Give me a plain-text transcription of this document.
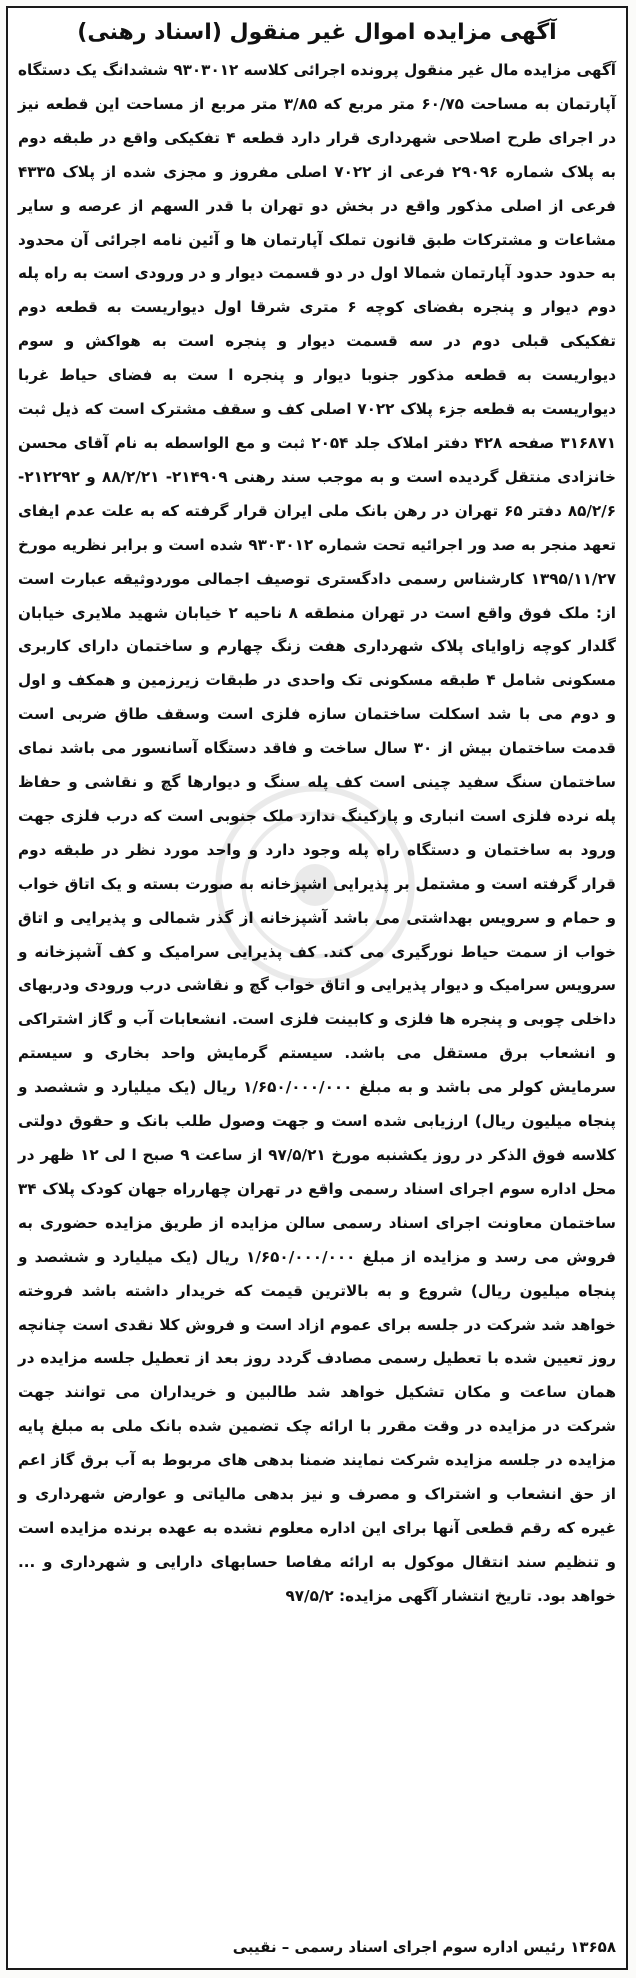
آگهی مزایده اموال غیر منقول (اسناد رهنی)

آگهی مزایده مال غیر منقول پرونده اجرائی کلاسه ۹۳۰۳۰۱۲ ششدانگ یک دستگاه آپارتمان به مساحت ۶۰/۷۵ متر مربع که ۳/۸۵ متر مربع از مساحت این قطعه نیز در اجرای طرح اصلاحی شهرداری قرار دارد قطعه ۴ تفکیکی واقع در طبقه دوم به پلاک شماره ۲۹۰۹۶ فرعی از ۷۰۲۲ اصلی مفروز و مجزی شده از پلاک ۴۳۳۵ فرعی از اصلی مذکور واقع در بخش دو تهران با قدر السهم از عرصه و سایر مشاعات و مشترکات طبق قانون تملک آپارتمان ها و آئین نامه اجرائی آن محدود به حدود حدود آپارتمان شمالا اول در دو قسمت دیوار و در ورودی است به راه پله دوم دیوار و پنجره بفضای کوچه ۶ متری شرقا اول دیواریست به قطعه دوم تفکیکی قبلی دوم در سه قسمت دیوار و پنجره است به هواکش و سوم دیواریست به قطعه مذکور جنوبا دیوار و پنجره ا ست به فضای حیاط غربا دیواریست به قطعه جزء پلاک ۷۰۲۲ اصلی کف و سقف مشترک است که ذیل ثبت ۳۱۶۸۷۱ صفحه ۴۲۸ دفتر املاک جلد ۲۰۵۴ ثبت و مع الواسطه به نام آقای محسن خانزادی منتقل گردیده است و به موجب سند رهنی ۲۱۴۹۰۹- ۸۸/۲/۲۱ و ۲۱۲۲۹۲- ۸۵/۲/۶ دفتر ۶۵ تهران در رهن بانک ملی ایران قرار گرفته که به علت عدم ایفای تعهد منجر به صد ور اجرائیه تحت شماره ۹۳۰۳۰۱۲ شده است و برابر نظریه مورخ ۱۳۹۵/۱۱/۲۷ کارشناس رسمی دادگستری توصیف اجمالی موردوثیقه عبارت است از: ملک فوق واقع است در تهران منطقه ۸ ناحیه ۲ خیابان شهید ملایری خیابان گلدار کوچه زاوایای پلاک شهرداری هفت زنگ چهارم و ساختمان دارای کاربری مسکونی شامل ۴ طبقه مسکونی تک واحدی در طبقات زیرزمین و همکف و اول و دوم می با شد اسکلت ساختمان سازه فلزی است وسقف طاق ضربی است قدمت ساختمان بیش از ۳۰ سال ساخت و فاقد دستگاه آسانسور می باشد نمای ساختمان سنگ سفید چینی است کف پله سنگ و دیوارها گچ و نقاشی و حفاظ پله نرده فلزی است انباری و پارکینگ ندارد ملک جنوبی است که درب فلزی جهت ورود به ساختمان و دستگاه راه پله وجود دارد و واحد مورد نظر در طبقه دوم قرار گرفته است و مشتمل بر پذیرایی اشپزخانه به صورت بسته و یک اتاق خواب و حمام و سرویس بهداشتی می باشد آشپزخانه از گذر شمالی و پذیرایی و اتاق خواب از سمت حیاط نورگیری می کند. کف پذیرایی سرامیک و کف آشپزخانه و سرویس سرامیک و دیوار پذیرایی و اتاق خواب گچ و نقاشی درب ورودی ودربهای داخلی چوبی و پنجره ها فلزی و کابینت فلزی است. انشعابات آب و گاز اشتراکی و انشعاب برق مستقل می باشد. سیستم گرمایش واحد بخاری و سیستم سرمایش کولر می باشد و به مبلغ ۱/۶۵۰/۰۰۰/۰۰۰ ریال (یک میلیارد و ششصد و پنجاه میلیون ریال) ارزیابی شده است و جهت وصول طلب بانک و حقوق دولتی کلاسه فوق الذکر در روز یکشنبه مورخ ۹۷/۵/۲۱ از ساعت ۹ صبح ا لی ۱۲ ظهر در محل اداره سوم اجرای اسناد رسمی واقع در تهران چهارراه جهان کودک پلاک ۳۴ ساختمان معاونت اجرای اسناد رسمی سالن مزایده از طریق مزایده حضوری به فروش می رسد و مزایده از مبلغ ۱/۶۵۰/۰۰۰/۰۰۰ ریال (یک میلیارد و ششصد و پنجاه میلیون ریال) شروع و به بالاترین قیمت که خریدار داشته باشد فروخته خواهد شد شرکت در جلسه برای عموم ازاد است و فروش کلا نقدی است چنانچه روز تعیین شده با تعطیل رسمی مصادف گردد روز بعد از تعطیل جلسه مزایده در همان ساعت و مکان تشکیل خواهد شد طالبین و خریداران می توانند جهت شرکت در مزایده در وقت مقرر با ارائه چک تضمین شده بانک ملی به مبلغ پایه مزایده در جلسه مزایده شرکت نمایند ضمنا بدهی های مربوط به آب برق گاز اعم از حق انشعاب و اشتراک و مصرف و نیز بدهی مالیاتی و عوارض شهرداری و غیره که رقم قطعی آنها برای این اداره معلوم نشده به عهده برنده مزایده است و تنظیم سند انتقال موکول به ارائه مفاصا حسابهای دارایی و شهرداری و ... خواهد بود. تاریخ انتشار آگهی مزایده: ۹۷/۵/۲

۱۳۶۵۸ رئیس اداره سوم اجرای اسناد رسمی – نقیبی
